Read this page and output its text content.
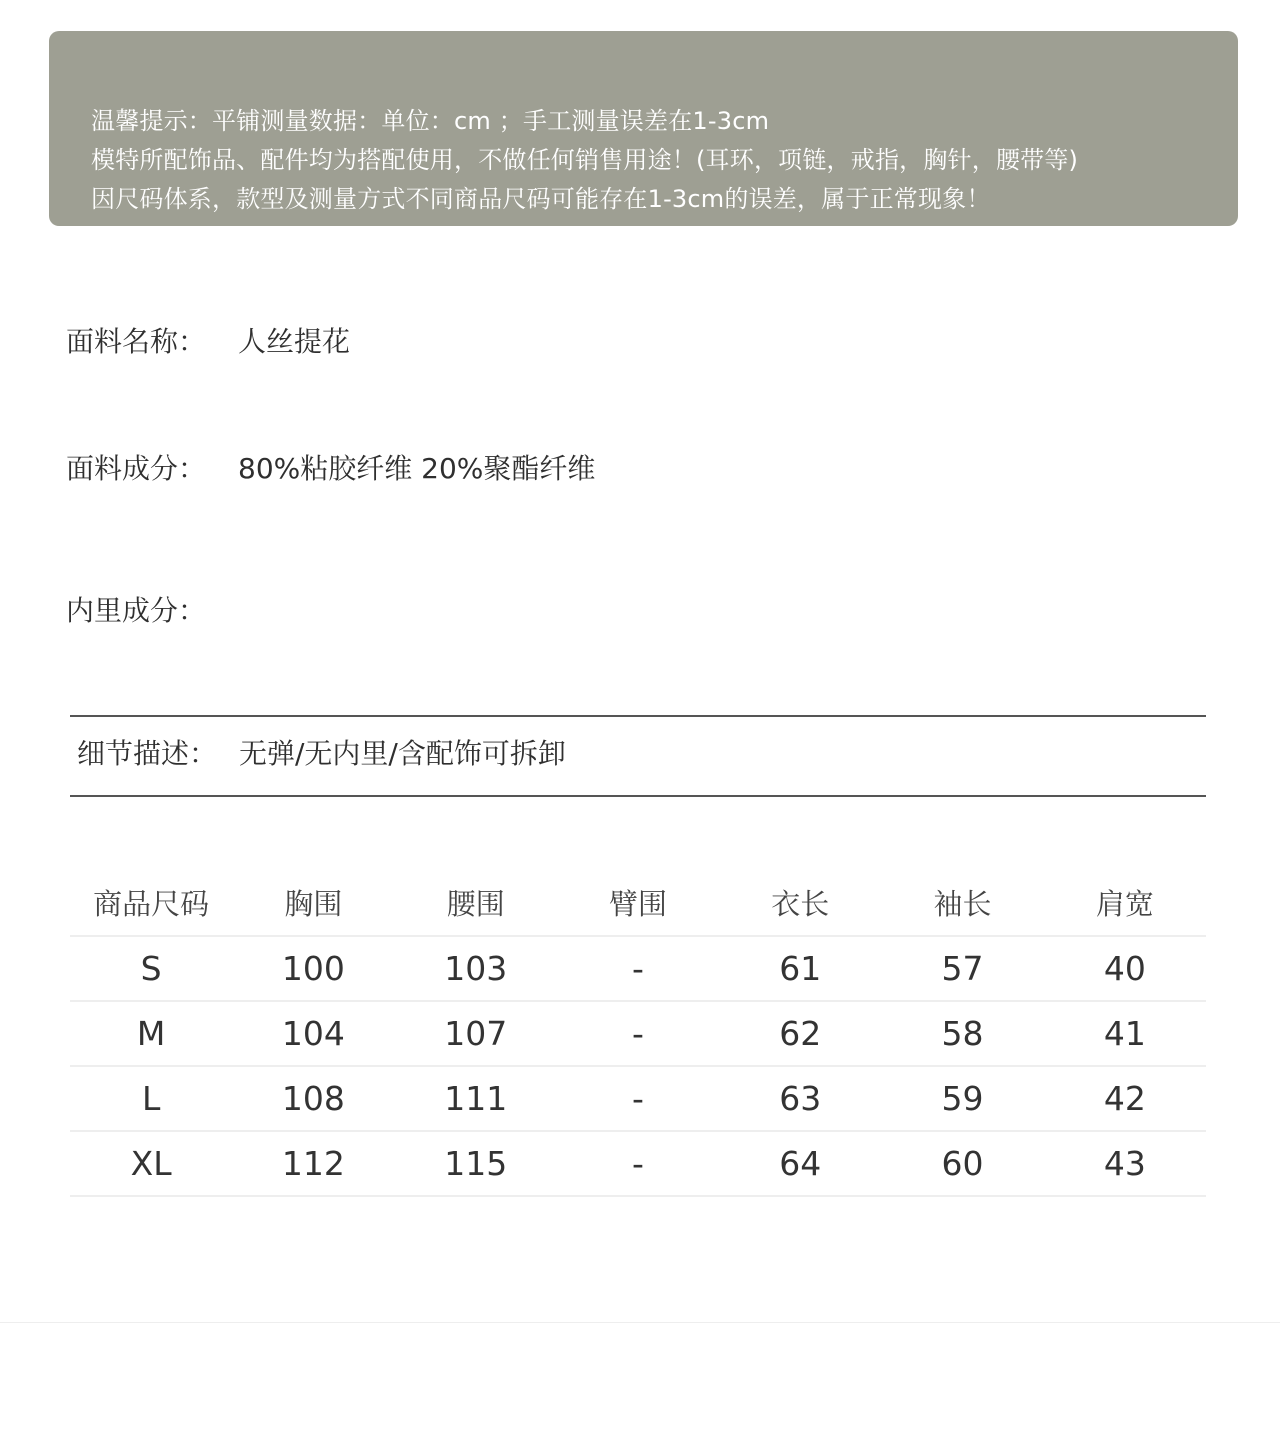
温馨提示：平铺测量数据：单位：cm ；手工测量误差在1-3cm
模特所配饰品、配件均为搭配使用，不做任何销售用途！(耳环，项链，戒指，胸针，腰带等)
因尺码体系，款型及测量方式不同商品尺码可能存在1-3cm的误差，属于正常现象！
面料名称： 人丝提花
面料成分： 80%粘胶纤维 20%聚酯纤维
内里成分：
细节描述： 无弹/无内里/含配饰可拆卸
商品尺码	胸围	腰围	臂围	衣长	袖长	肩宽
S	100	103	-	61	57	40
M	104	107	-	62	58	41
L	108	111	-	63	59	42
XL	112	115	-	64	60	43
